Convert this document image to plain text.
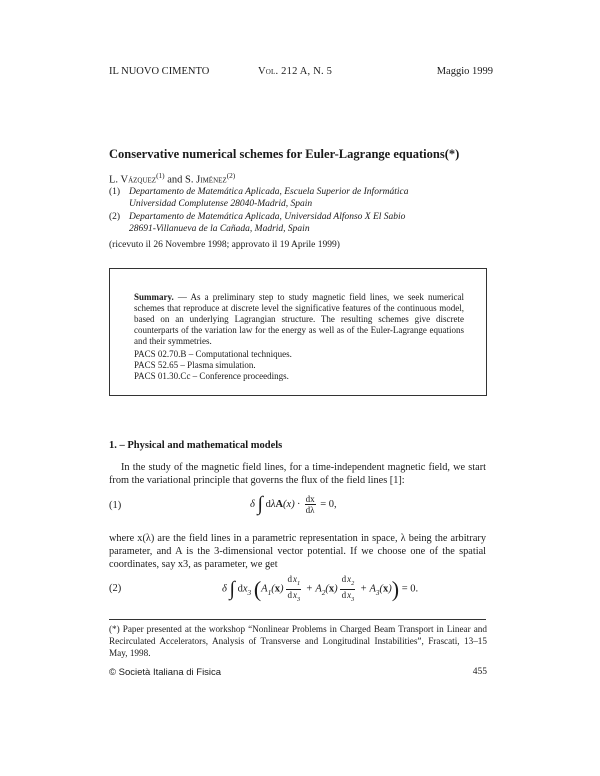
IL NUOVO CIMENTO	Vol. 212 A, N. 5	Maggio 1999
Conservative numerical schemes for Euler-Lagrange equations(*)
L. Vázquez$^{(1)}$ and S. Jiménez$^{(2)}$
(1) Departamento de Matemática Aplicada, Escuela Superior de Informática
Universidad Complutense 28040-Madrid, Spain
(2) Departamento de Matemática Aplicada, Universidad Alfonso X El Sabio
28691-Villanueva de la Cañada, Madrid, Spain
(ricevuto il 26 Novembre 1998; approvato il 19 Aprile 1999)
Summary. — As a preliminary step to study magnetic field lines, we seek numerical schemes that reproduce at discrete level the significative features of the continuous model, based on an underlying Lagrangian structure. The resulting schemes give discrete counterparts of the variation law for the energy as well as of the Euler-Lagrange equations and their symmetries.
PACS 02.70.B – Computational techniques.
PACS 52.65 – Plasma simulation.
PACS 01.30.Cc – Conference proceedings.
1. – Physical and mathematical models
In the study of the magnetic field lines, for a time-independent magnetic field, we start from the variational principle that governs the flux of the field lines [1]:
(1)	δ ∫ $d\lambda A(x) \cdot \frac{dx}{d\lambda} = 0$,
where x(λ) are the field lines in a parametric representation in space, λ being the arbitrary parameter, and A is the 3-dimensional vector potential. If we choose one of the spatial coordinates, say x3, as parameter, we get
(2)	δ ∫ $dx_3$ $(A_1(x) \frac{dx_1}{dx_3} + A_2(x) \frac{dx_2}{dx_3} + A_3(x)) = 0$.
(*) Paper presented at the workshop “Nonlinear Problems in Charged Beam Transport in Linear and Recirculated Accelerators, Analysis of Transverse and Longitudinal Instabilities”, Frascati, 13–15 May, 1998.
© Società Italiana di Fisica	455
